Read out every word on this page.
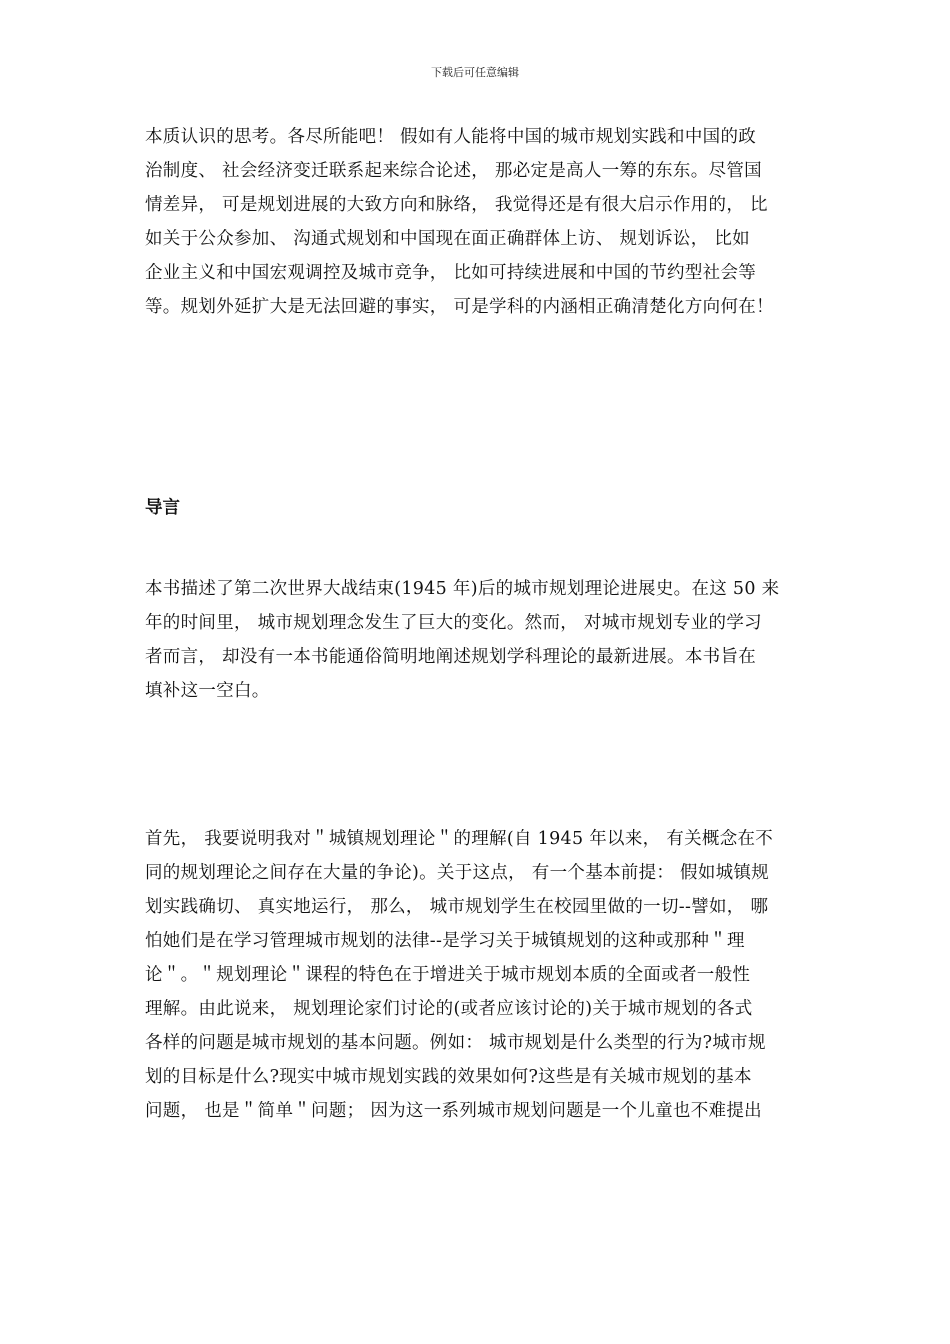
下载后可任意编辑
本质认识的思考。各尽所能吧！ 假如有人能将中国的城市规划实践和中国的政
治制度、 社会经济变迁联系起来综合论述， 那必定是高人一筹的东东。尽管国
情差异， 可是规划进展的大致方向和脉络， 我觉得还是有很大启示作用的， 比
如关于公众参加、 沟通式规划和中国现在面正确群体上访、 规划诉讼， 比如
企业主义和中国宏观调控及城市竞争， 比如可持续进展和中国的节约型社会等
等。规划外延扩大是无法回避的事实， 可是学科的内涵相正确清楚化方向何在！
导言
本书描述了第二次世界大战结束(1945 年)后的城市规划理论进展史。在这 50 来
年的时间里， 城市规划理念发生了巨大的变化。然而， 对城市规划专业的学习
者而言， 却没有一本书能通俗简明地阐述规划学科理论的最新进展。本书旨在
填补这一空白。
首先， 我要说明我对＂城镇规划理论＂的理解(自 1945 年以来， 有关概念在不
同的规划理论之间存在大量的争论)。关于这点， 有一个基本前提： 假如城镇规
划实践确切、 真实地运行， 那么， 城市规划学生在校园里做的一切--譬如， 哪
怕她们是在学习管理城市规划的法律--是学习关于城镇规划的这种或那种＂理
论＂。＂规划理论＂课程的特色在于增进关于城市规划本质的全面或者一般性
理解。由此说来， 规划理论家们讨论的(或者应该讨论的)关于城市规划的各式
各样的问题是城市规划的基本问题。例如： 城市规划是什么类型的行为?城市规
划的目标是什么?现实中城市规划实践的效果如何?这些是有关城市规划的基本
问题， 也是＂简单＂问题； 因为这一系列城市规划问题是一个儿童也不难提出
